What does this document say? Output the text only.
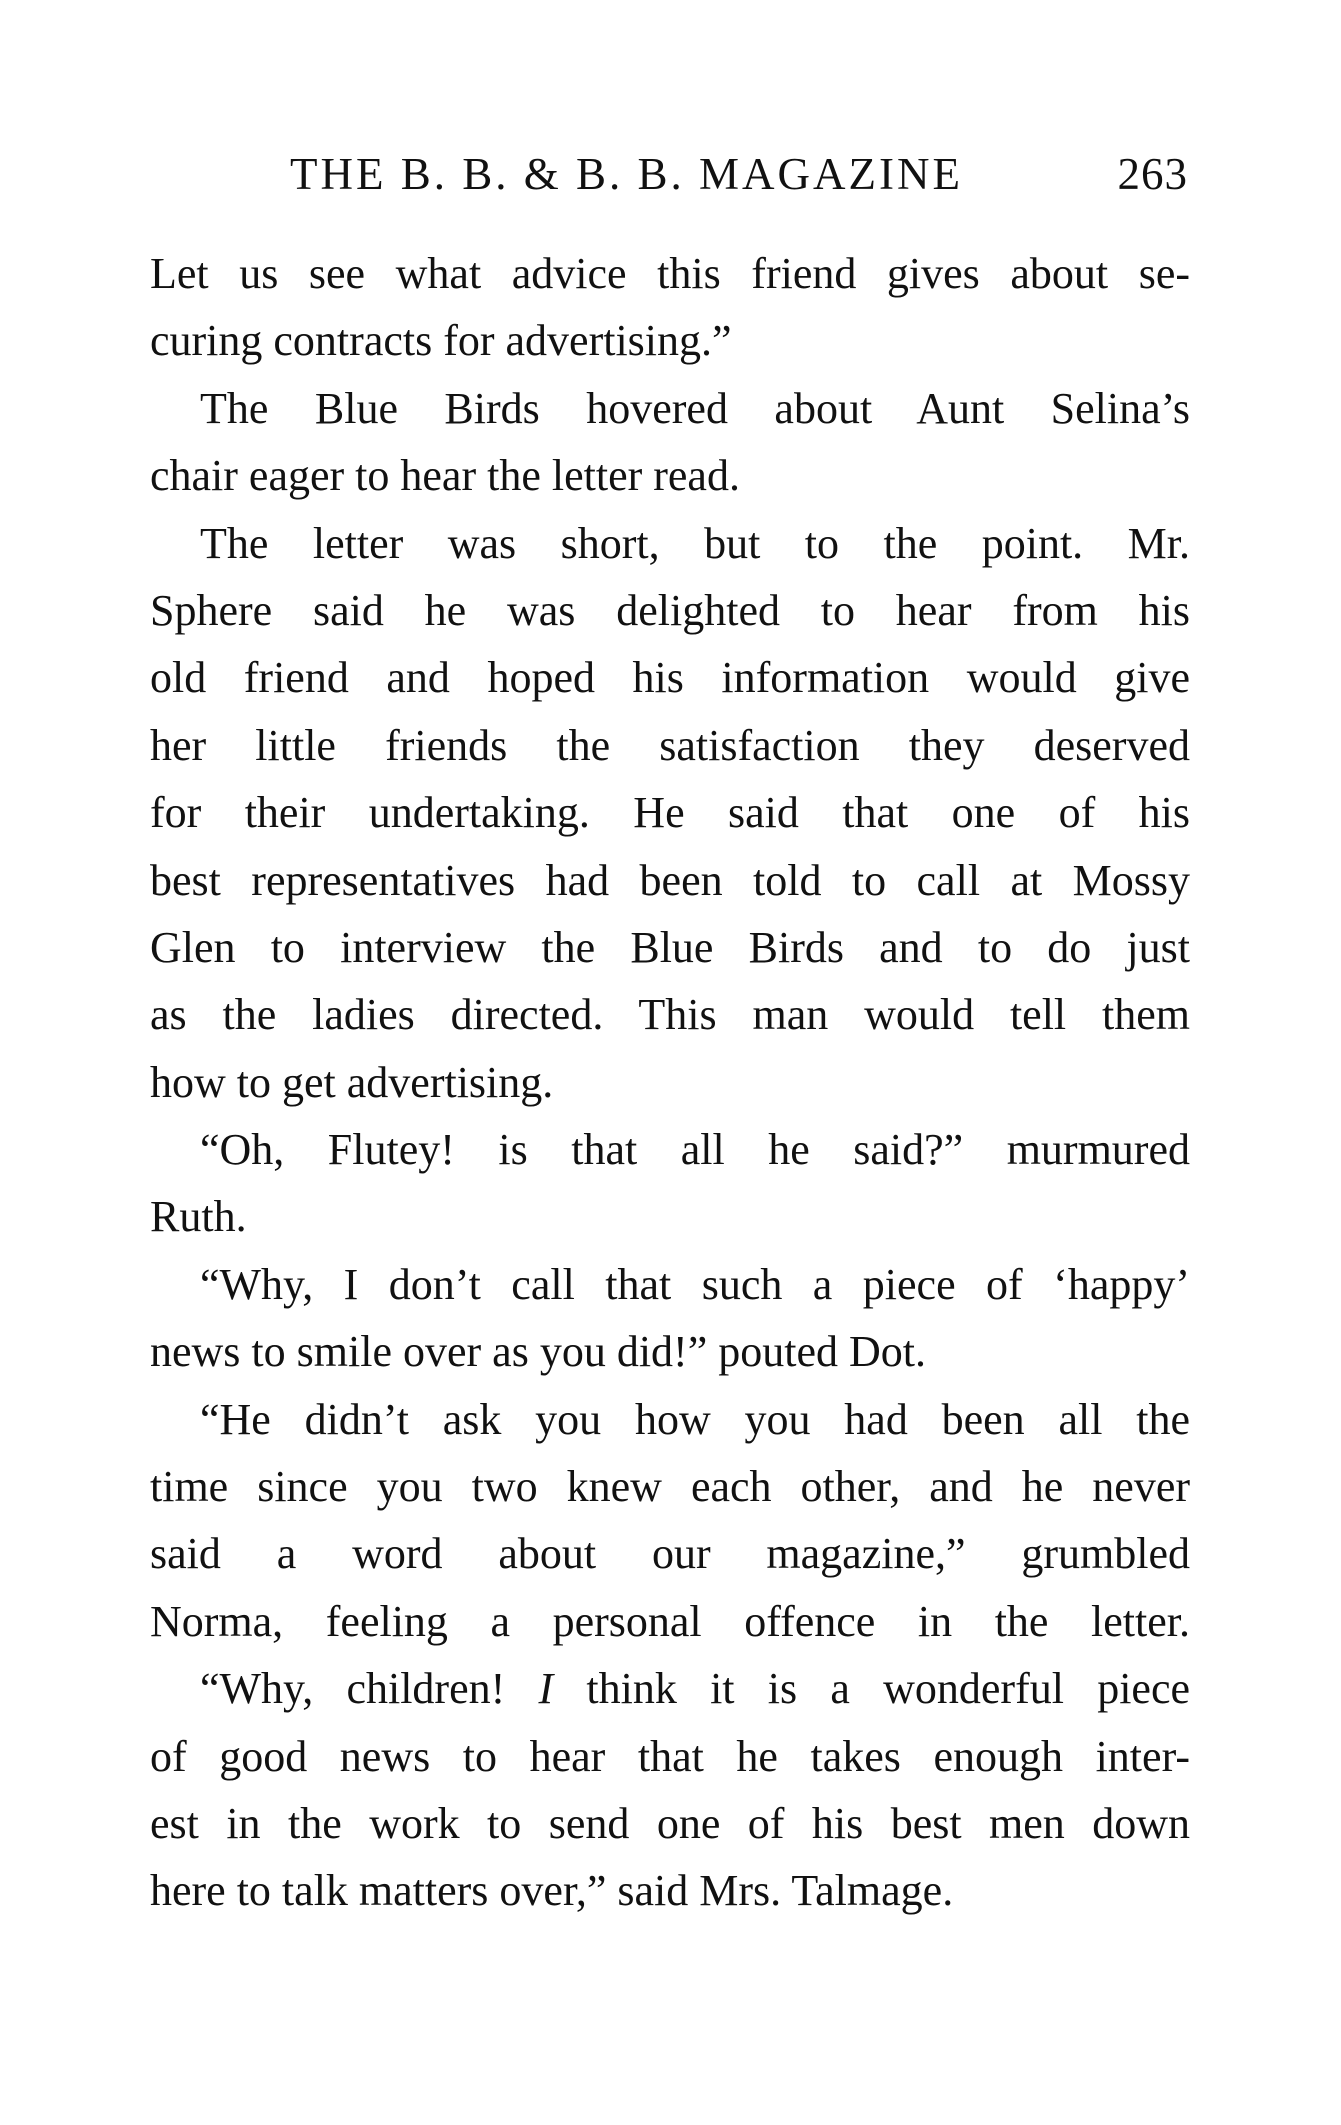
THE B. B. & B. B. MAGAZINE	263
Let us see what advice this friend gives about se-
curing contracts for advertising.”
The Blue Birds hovered about Aunt Selina’s
chair eager to hear the letter read.
The letter was short, but to the point. Mr.
Sphere said he was delighted to hear from his
old friend and hoped his information would give
her little friends the satisfaction they deserved
for their undertaking. He said that one of his
best representatives had been told to call at Mossy
Glen to interview the Blue Birds and to do just
as the ladies directed. This man would tell them
how to get advertising.
“Oh, Flutey! is that all he said?” murmured
Ruth.
“Why, I don’t call that such a piece of ‘happy’
news to smile over as you did!” pouted Dot.
“He didn’t ask you how you had been all the
time since you two knew each other, and he never
said a word about our magazine,” grumbled
Norma, feeling a personal offence in the letter.
“Why, children! I think it is a wonderful piece
of good news to hear that he takes enough inter-
est in the work to send one of his best men down
here to talk matters over,” said Mrs. Talmage.
